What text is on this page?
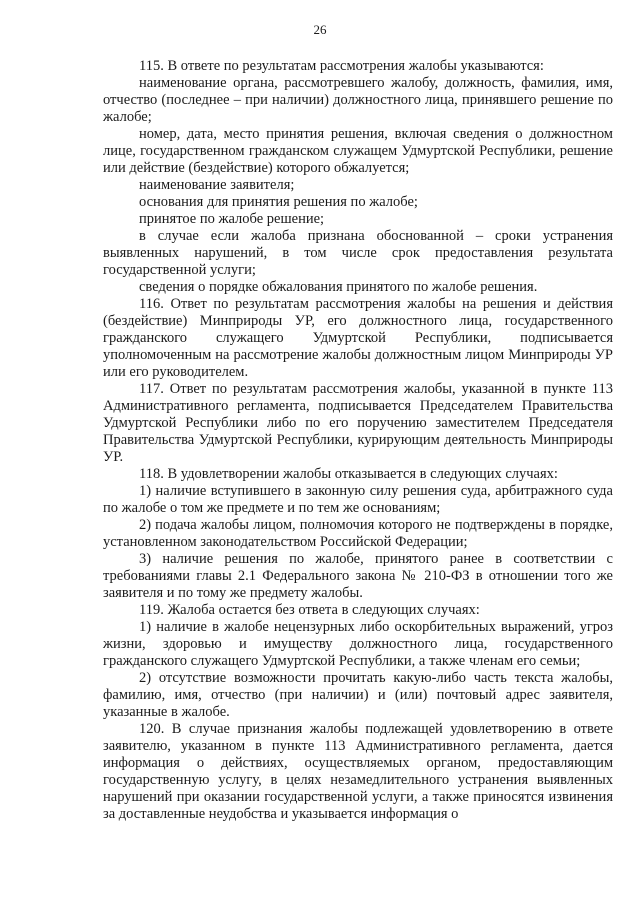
26

115. В ответе по результатам рассмотрения жалобы указываются:

наименование органа, рассмотревшего жалобу, должность, фамилия, имя, отчество (последнее – при наличии) должностного лица, принявшего решение по жалобе;

номер, дата, место принятия решения, включая сведения о должностном лице, государственном гражданском служащем Удмуртской Республики, решение или действие (бездействие) которого обжалуется;

наименование заявителя;

основания для принятия решения по жалобе;

принятое по жалобе решение;

в случае если жалоба признана обоснованной – сроки устранения выявленных нарушений, в том числе срок предоставления результата государственной услуги;

сведения о порядке обжалования принятого по жалобе решения.

116. Ответ по результатам рассмотрения жалобы на решения и действия (бездействие) Минприроды УР, его должностного лица, государственного гражданского служащего Удмуртской Республики, подписывается уполномоченным на рассмотрение жалобы должностным лицом Минприроды УР или его руководителем.

117. Ответ по результатам рассмотрения жалобы, указанной в пункте 113 Административного регламента, подписывается Председателем Правительства Удмуртской Республики либо по его поручению заместителем Председателя Правительства Удмуртской Республики, курирующим деятельность Минприроды УР.

118. В удовлетворении жалобы отказывается в следующих случаях:

1) наличие вступившего в законную силу решения суда, арбитражного суда по жалобе о том же предмете и по тем же основаниям;

2) подача жалобы лицом, полномочия которого не подтверждены в порядке, установленном законодательством Российской Федерации;

3) наличие решения по жалобе, принятого ранее в соответствии с требованиями главы 2.1 Федерального закона № 210-ФЗ в отношении того же заявителя и по тому же предмету жалобы.

119. Жалоба остается без ответа в следующих случаях:

1) наличие в жалобе нецензурных либо оскорбительных выражений, угроз жизни, здоровью и имуществу должностного лица, государственного гражданского служащего Удмуртской Республики, а также членам его семьи;

2) отсутствие возможности прочитать какую-либо часть текста жалобы, фамилию, имя, отчество (при наличии) и (или) почтовый адрес заявителя, указанные в жалобе.

120. В случае признания жалобы подлежащей удовлетворению в ответе заявителю, указанном в пункте 113 Административного регламента, дается информация о действиях, осуществляемых органом, предоставляющим государственную услугу, в целях незамедлительного устранения выявленных нарушений при оказании государственной услуги, а также приносятся извинения за доставленные неудобства и указывается информация о
